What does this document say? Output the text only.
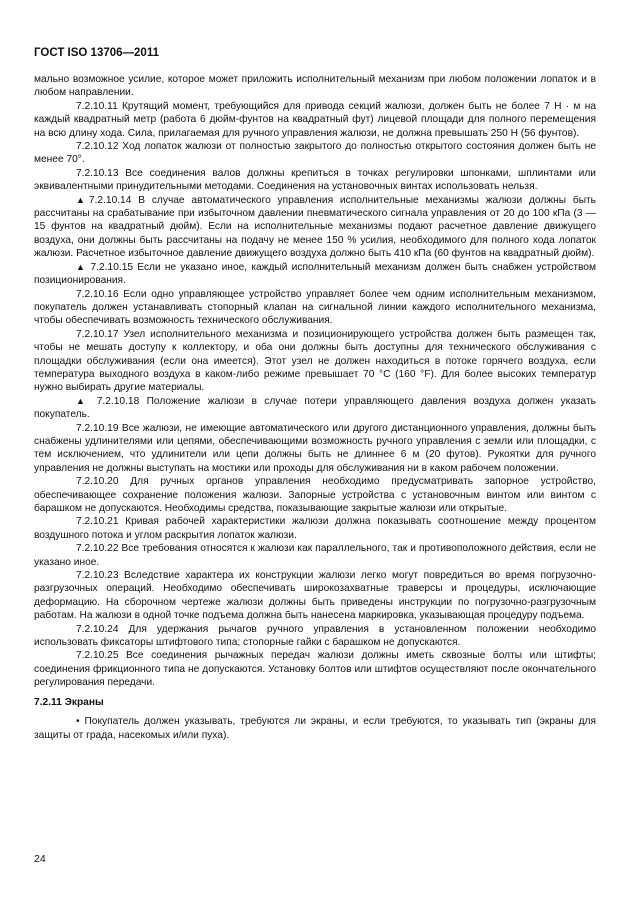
ГОСТ ISO 13706—2011

мально возможное усилие, которое может приложить исполнительный механизм при любом положении лопаток и в любом направлении.

7.2.10.11 Крутящий момент, требующийся для привода секций жалюзи, должен быть не более 7 Н · м на каждый квадратный метр (работа 6 дюйм-фунтов на квадратный фут) лицевой площади для полного перемещения на всю длину хода. Сила, прилагаемая для ручного управления жалюзи, не должна превышать 250 Н (56 фунтов).

7.2.10.12 Ход лопаток жалюзи от полностью закрытого до полностью открытого состояния должен быть не менее 70°.

7.2.10.13 Все соединения валов должны крепиться в точках регулировки шпонками, шплинтами или эквивалентными принудительными методами. Соединения на установочных винтах использовать нельзя.

▲7.2.10.14 В случае автоматического управления исполнительные механизмы жалюзи должны быть рассчитаны на срабатывание при избыточном давлении пневматического сигнала управления от 20 до 100 кПа (3 — 15 фунтов на квадратный дюйм). Если на исполнительные механизмы подают расчетное давление движущего воздуха, они должны быть рассчитаны на подачу не менее 150 % усилия, необходимого для полного хода лопаток жалюзи. Расчетное избыточное давление движущего воздуха должно быть 410 кПа (60 фунтов на квадратный дюйм).

▲ 7.2.10.15 Если не указано иное, каждый исполнительный механизм должен быть снабжен устройством позиционирования.

7.2.10.16 Если одно управляющее устройство управляет более чем одним исполнительным механизмом, покупатель должен устанавливать стопорный клапан на сигнальной линии каждого исполнительного механизма, чтобы обеспечивать возможность технического обслуживания.

7.2.10.17 Узел исполнительного механизма и позиционирующего устройства должен быть размещен так, чтобы не мешать доступу к коллектору, и оба они должны быть доступны для технического обслуживания с площадки обслуживания (если она имеется). Этот узел не должен находиться в потоке горячего воздуха, если температура выходного воздуха в каком-либо режиме превышает 70 °С (160 °F). Для более высоких температур нужно выбирать другие материалы.

▲ 7.2.10.18 Положение жалюзи в случае потери управляющего давления воздуха должен указать покупатель.

7.2.10.19 Все жалюзи, не имеющие автоматического или другого дистанционного управления, должны быть снабжены удлинителями или цепями, обеспечивающими возможность ручного управления с земли или площадки, с тем исключением, что удлинители или цепи должны быть не длиннее 6 м (20 футов). Рукоятки для ручного управления не должны выступать на мостики или проходы для обслуживания ни в каком рабочем положении.

7.2.10.20 Для ручных органов управления необходимо предусматривать запорное устройство, обеспечивающее сохранение положения жалюзи. Запорные устройства с установочным винтом или винтом с барашком не допускаются. Необходимы средства, показывающие закрытые жалюзи или открытые.

7.2.10.21 Кривая рабочей характеристики жалюзи должна показывать соотношение между процентом воздушного потока и углом раскрытия лопаток жалюзи.

7.2.10.22 Все требования относятся к жалюзи как параллельного, так и противоположного действия, если не указано иное.

7.2.10.23 Вследствие характера их конструкции жалюзи легко могут повредиться во время погрузочно-разгрузочных операций. Необходимо обеспечивать широкозахватные траверсы и процедуры, исключающие деформацию. На сборочном чертеже жалюзи должны быть приведены инструкции по погрузочно-разгрузочным работам. На жалюзи в одной точке подъема должна быть нанесена маркировка, указывающая процедуру подъема.

7.2.10.24 Для удержания рычагов ручного управления в установленном положении необходимо использовать фиксаторы штифтового типа; стопорные гайки с барашком не допускаются.

7.2.10.25 Все соединения рычажных передач жалюзи должны иметь сквозные болты или штифты; соединения фрикционного типа не допускаются. Установку болтов или штифтов осуществляют после окончательного регулирования передачи.

7.2.11 Экраны

• Покупатель должен указывать, требуются ли экраны, и если требуются, то указывать тип (экраны для защиты от града, насекомых и/или пуха).

24
